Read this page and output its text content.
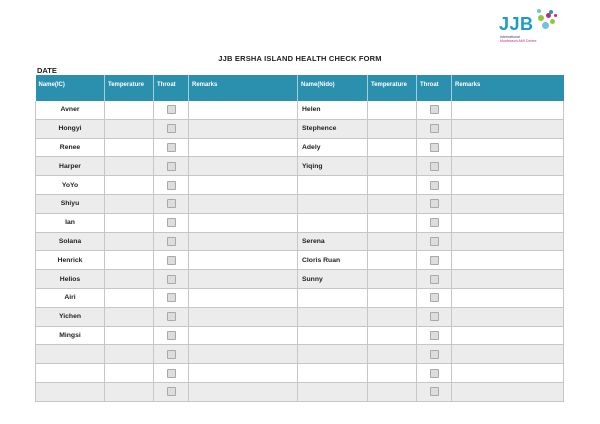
JJB
International
Montessori AMI Centre
JJB ERSHA ISLAND HEALTH CHECK FORM
DATE
Name(IC)	Temperature	Throat	Remarks	Name(Nido)	Temperature	Throat	Remarks
Avner				Helen			
Hongyi				Stephence			
Renee				Adely			
Harper				Yiqing			
YoYo							
Shiyu							
Ian							
Solana				Serena			
Henrick				Cloris Ruan			
Helios				Sunny			
Airi							
Yichen							
Mingsi							
